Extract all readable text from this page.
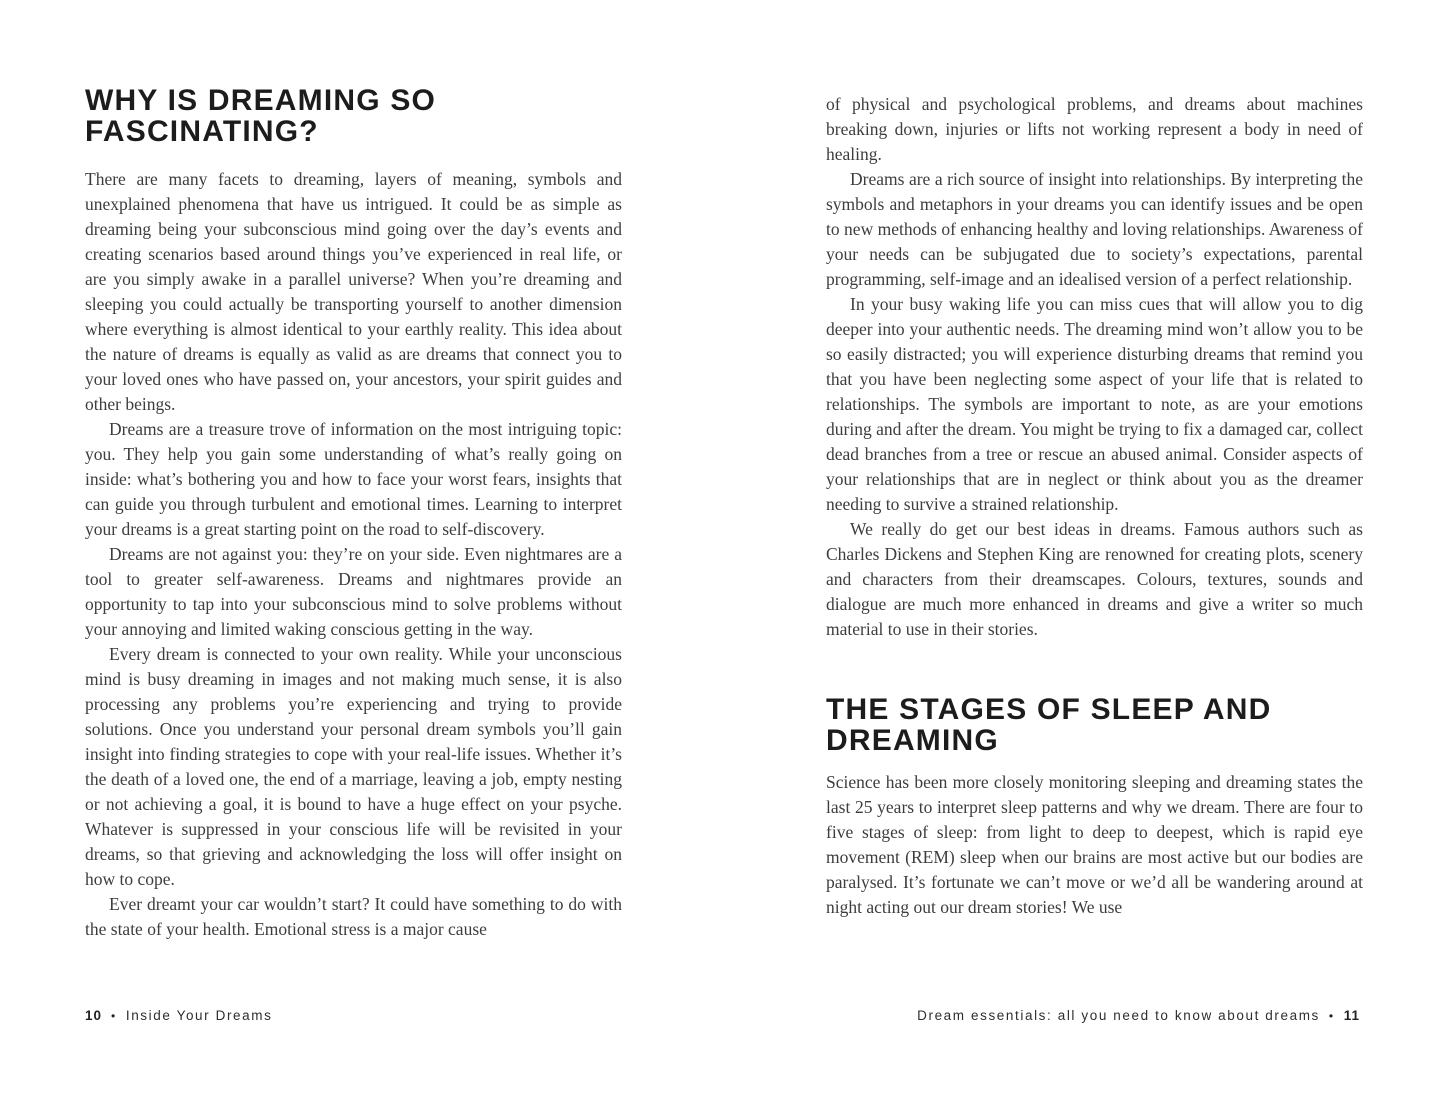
WHY IS DREAMING SO FASCINATING?

There are many facets to dreaming, layers of meaning, symbols and unexplained phenomena that have us intrigued. It could be as simple as dreaming being your subconscious mind going over the day’s events and creating scenarios based around things you’ve experienced in real life, or are you simply awake in a parallel universe? When you’re dreaming and sleeping you could actually be transporting yourself to another dimension where everything is almost identical to your earthly reality. This idea about the nature of dreams is equally as valid as are dreams that connect you to your loved ones who have passed on, your ancestors, your spirit guides and other beings.

Dreams are a treasure trove of information on the most intriguing topic: you. They help you gain some understanding of what’s really going on inside: what’s bothering you and how to face your worst fears, insights that can guide you through turbulent and emotional times. Learning to interpret your dreams is a great starting point on the road to self-discovery.

Dreams are not against you: they’re on your side. Even nightmares are a tool to greater self-awareness. Dreams and nightmares provide an opportunity to tap into your subconscious mind to solve problems without your annoying and limited waking conscious getting in the way.

Every dream is connected to your own reality. While your unconscious mind is busy dreaming in images and not making much sense, it is also processing any problems you’re experiencing and trying to provide solutions. Once you understand your personal dream symbols you’ll gain insight into finding strategies to cope with your real-life issues. Whether it’s the death of a loved one, the end of a marriage, leaving a job, empty nesting or not achieving a goal, it is bound to have a huge effect on your psyche. Whatever is suppressed in your conscious life will be revisited in your dreams, so that grieving and acknowledging the loss will offer insight on how to cope.

Ever dreamt your car wouldn’t start? It could have something to do with the state of your health. Emotional stress is a major cause

of physical and psychological problems, and dreams about machines breaking down, injuries or lifts not working represent a body in need of healing.

Dreams are a rich source of insight into relationships. By interpreting the symbols and metaphors in your dreams you can identify issues and be open to new methods of enhancing healthy and loving relationships. Awareness of your needs can be subjugated due to society’s expectations, parental programming, self-image and an idealised version of a perfect relationship.

In your busy waking life you can miss cues that will allow you to dig deeper into your authentic needs. The dreaming mind won’t allow you to be so easily distracted; you will experience disturbing dreams that remind you that you have been neglecting some aspect of your life that is related to relationships. The symbols are important to note, as are your emotions during and after the dream. You might be trying to fix a damaged car, collect dead branches from a tree or rescue an abused animal. Consider aspects of your relationships that are in neglect or think about you as the dreamer needing to survive a strained relationship.

We really do get our best ideas in dreams. Famous authors such as Charles Dickens and Stephen King are renowned for creating plots, scenery and characters from their dreamscapes. Colours, textures, sounds and dialogue are much more enhanced in dreams and give a writer so much material to use in their stories.

THE STAGES OF SLEEP AND DREAMING

Science has been more closely monitoring sleeping and dreaming states the last 25 years to interpret sleep patterns and why we dream. There are four to five stages of sleep: from light to deep to deepest, which is rapid eye movement (REM) sleep when our brains are most active but our bodies are paralysed. It’s fortunate we can’t move or we’d all be wandering around at night acting out our dream stories! We use

10 • Inside Your Dreams	Dream essentials: all you need to know about dreams • 11
